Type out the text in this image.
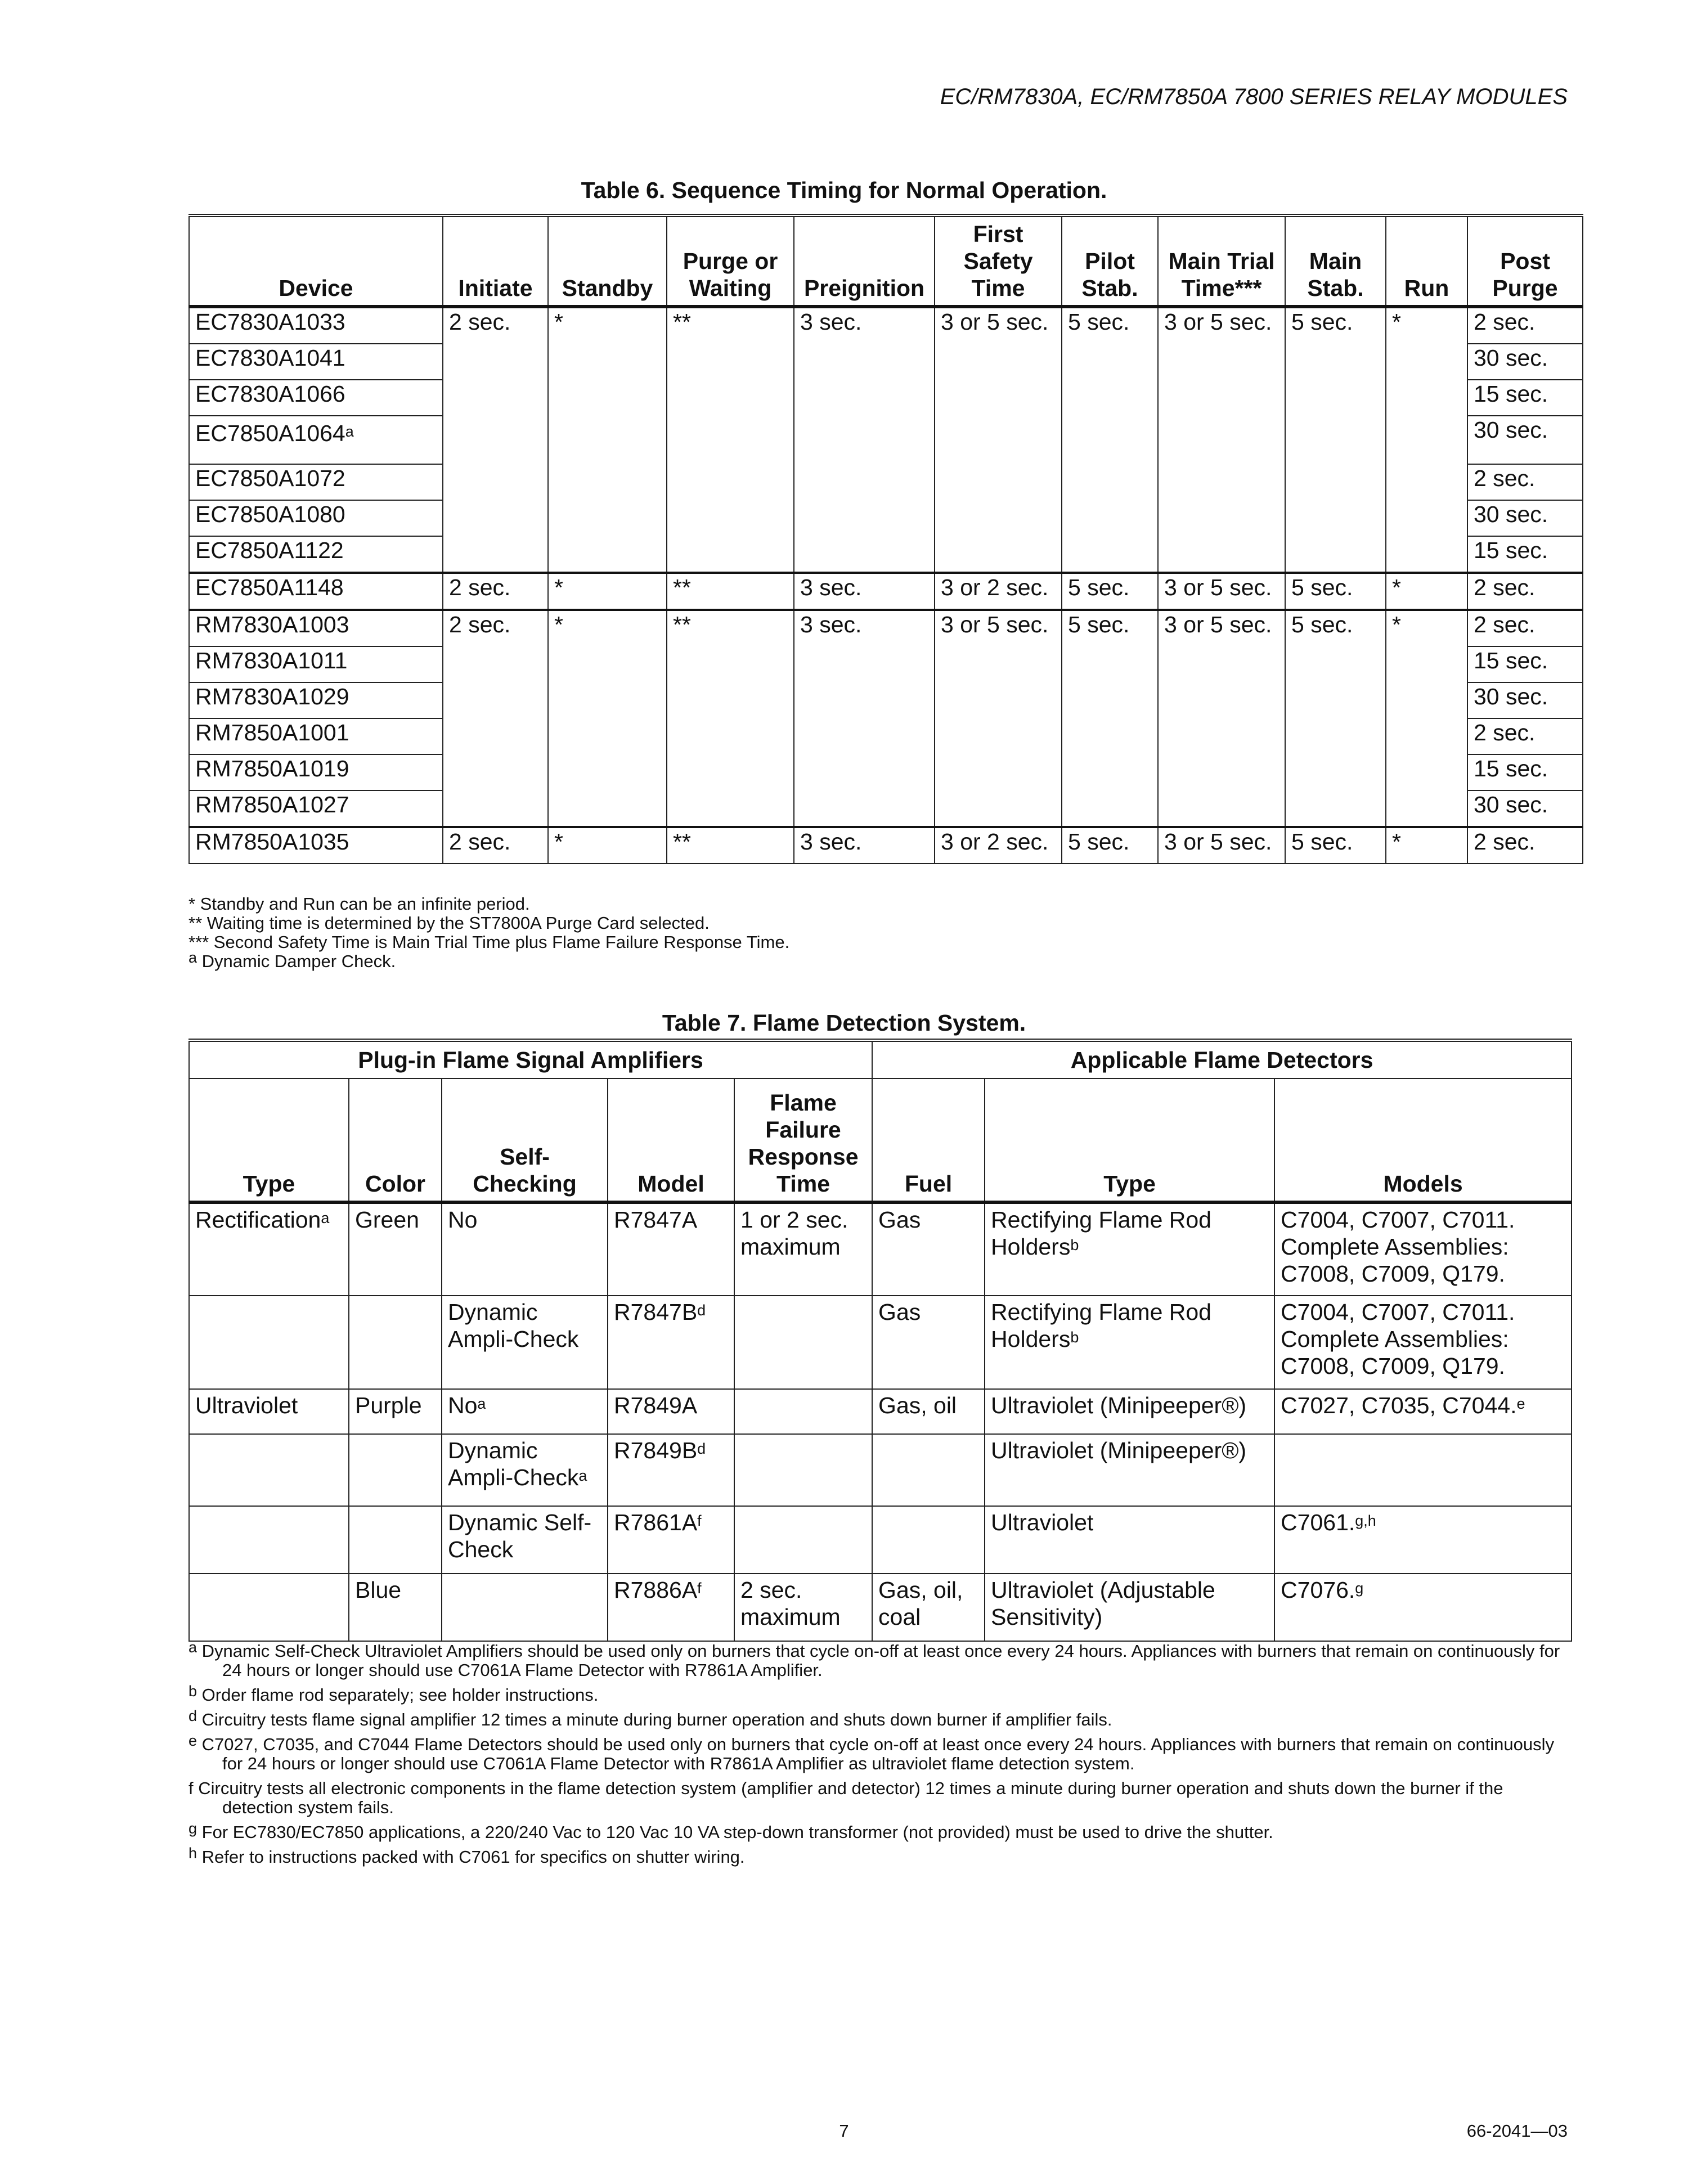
EC/RM7830A, EC/RM7850A 7800 SERIES RELAY MODULES
Table 6. Sequence Timing for Normal Operation.
Device	Initiate	Standby	Purge or Waiting	Preignition	First Safety Time	Pilot Stab.	Main Trial Time***	Main Stab.	Run	Post Purge
EC7830A1033	2 sec.	*	**	3 sec.	3 or 5 sec.	5 sec.	3 or 5 sec.	5 sec.	*	2 sec.
EC7830A1041										30 sec.
EC7830A1066										15 sec.
EC7850A1064$^a$										30 sec.
EC7850A1072										2 sec.
EC7850A1080										30 sec.
EC7850A1122										15 sec.
EC7850A1148	2 sec.	*	**	3 sec.	3 or 2 sec.	5 sec.	3 or 5 sec.	5 sec.	*	2 sec.
RM7830A1003	2 sec.	*	**	3 sec.	3 or 5 sec.	5 sec.	3 or 5 sec.	5 sec.	*	2 sec.
RM7830A1011										15 sec.
RM7830A1029										30 sec.
RM7850A1001										2 sec.
RM7850A1019										15 sec.
RM7850A1027										30 sec.
RM7850A1035	2 sec.	*	**	3 sec.	3 or 2 sec.	5 sec.	3 or 5 sec.	5 sec.	*	2 sec.
* Standby and Run can be an infinite period.
** Waiting time is determined by the ST7800A Purge Card selected.
*** Second Safety Time is Main Trial Time plus Flame Failure Response Time.
$^a$ Dynamic Damper Check.
Table 7. Flame Detection System.
Plug-in Flame Signal Amplifiers					Applicable Flame Detectors		
Type	Color	Self-Checking	Model	Flame Failure Response Time	Fuel	Type	Models
Rectification$^a$	Green	No	R7847A	1 or 2 sec. maximum	Gas	Rectifying Flame Rod Holders$^b$	C7004, C7007, C7011. Complete Assemblies: C7008, C7009, Q179.
		Dynamic Ampli-Check	$R7847B^d$		Gas	Rectifying Flame Rod Holders$^b$	C7004, C7007, C7011. Complete Assemblies: C7008, C7009, Q179.
Ultraviolet	Purple	No$^a$	R7849A		Gas, oil	Ultraviolet (Minipeeper®)	C7027, C7035, C7044.$^e$
		Dynamic Ampli-Check$^a$	$R7849B^d$			Ultraviolet (Minipeeper®)	
		Dynamic Self-Check	$R7861A^f$			Ultraviolet	C7061.$^{g,h}$
	Blue		$R7886A^f$	2 sec. maximum	Gas, oil, coal	Ultraviolet (Adjustable Sensitivity)	C7076.$^g$
$^a$ Dynamic Self-Check Ultraviolet Amplifiers should be used only on burners that cycle on-off at least once every 24 hours. Appliances with burners that remain on continuously for 24 hours or longer should use C7061A Flame Detector with R7861A Amplifier.
$^b$ Order flame rod separately; see holder instructions.
$^d$ Circuitry tests flame signal amplifier 12 times a minute during burner operation and shuts down burner if amplifier fails.
$^e$ C7027, C7035, and C7044 Flame Detectors should be used only on burners that cycle on-off at least once every 24 hours. Appliances with burners that remain on continuously for 24 hours or longer should use C7061A Flame Detector with R7861A Amplifier as ultraviolet flame detection system.
f Circuitry tests all electronic components in the flame detection system (amplifier and detector) 12 times a minute during burner operation and shuts down the burner if the detection system fails.
$^g$ For EC7830/EC7850 applications, a 220/240 Vac to 120 Vac 10 VA step-down transformer (not provided) must be used to drive the shutter.
$^h$ Refer to instructions packed with C7061 for specifics on shutter wiring.
7	66-2041—03
